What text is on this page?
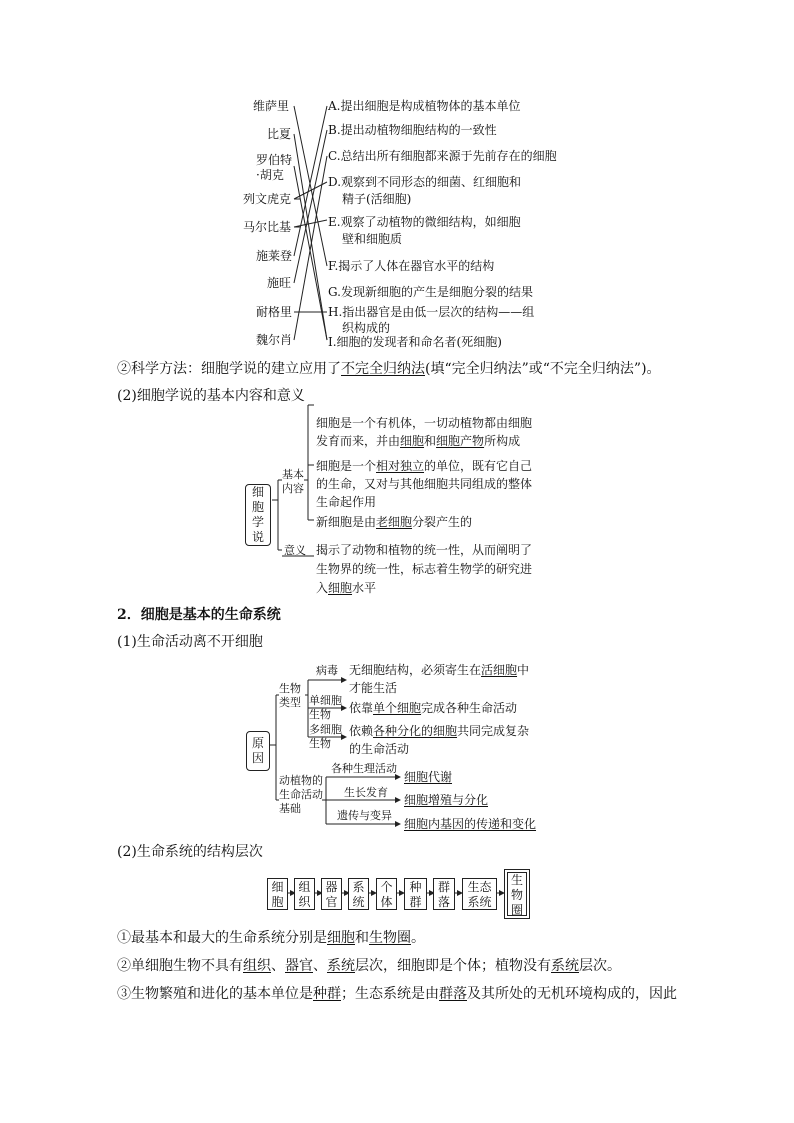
维萨里
比夏
罗伯特
·胡克
列文虎克
马尔比基
施莱登
施旺
耐格里
魏尔肖
A.提出细胞是构成植物体的基本单位
B.提出动植物细胞结构的一致性
C.总结出所有细胞都来源于先前存在的细胞
D.观察到不同形态的细菌、红细胞和
精子(活细胞)
E.观察了动植物的微细结构，如细胞
壁和细胞质
F.揭示了人体在器官水平的结构
G.发现新细胞的产生是细胞分裂的结果
H.指出器官是由低一层次的结构——组
织构成的
I.细胞的发现者和命名者(死细胞)
②科学方法：细胞学说的建立应用了不完全归纳法(填“完全归纳法”或“不完全归纳法”)。
(2)细胞学说的基本内容和意义
细
胞
学
说
基本
内容
意义
细胞是一个有机体，一切动植物都由细胞
发育而来，并由细胞和细胞产物所构成
细胞是一个相对独立的单位，既有它自己
的生命，又对与其他细胞共同组成的整体
生命起作用
新细胞是由老细胞分裂产生的
揭示了动物和植物的统一性，从而阐明了
生物界的统一性，标志着生物学的研究进
入细胞水平
2．细胞是基本的生命系统
(1)生命活动离不开细胞
原
因
生物
类型
动植物的
生命活动
基础
病毒
单细胞
生物
多细胞
生物
无细胞结构，必须寄生在活细胞中
才能生活
依靠单个细胞完成各种生命活动
依赖各种分化的细胞共同完成复杂
的生命活动
各种生理活动
生长发育
遗传与变异
细胞代谢
细胞增殖与分化
细胞内基因的传递和变化
(2)生命系统的结构层次
细
胞
组
织
器
官
系
统
个
体
种
群
群
落
生态
系统
生
物
圈
①最基本和最大的生命系统分别是细胞和生物圈。
②单细胞生物不具有组织、器官、系统层次，细胞即是个体；植物没有系统层次。
③生物繁殖和进化的基本单位是种群；生态系统是由群落及其所处的无机环境构成的，因此
